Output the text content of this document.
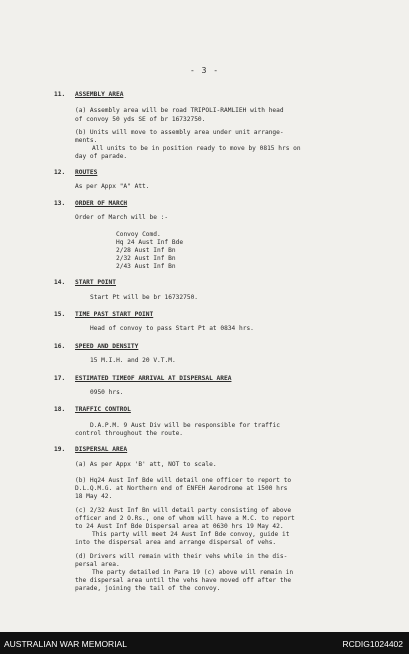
- 3 -
11. ASSEMBLY AREA
(a) Assembly area will be road TRIPOLI-RAMLIEH with head
of convoy 50 yds SE of br 16732750.
(b) Units will move to assembly area under unit arrange-
ments.
All units to be in position ready to move by 0815 hrs on
day of parade.
12. ROUTES
As per Appx "A" Att.
13. ORDER OF MARCH
Order of March will be :-
Convoy Comd.
Hq 24 Aust Inf Bde
2/28 Aust Inf Bn
2/32 Aust Inf Bn
2/43 Aust Inf Bn
14. START POINT
Start Pt will be br 16732750.
15. TIME PAST START POINT
Head of convoy to pass Start Pt at 0834 hrs.
16. SPEED AND DENSITY
15 M.I.H. and 20 V.T.M.
17. ESTIMATED TIMEOF ARRIVAL AT DISPERSAL AREA
0950 hrs.
18. TRAFFIC CONTROL
D.A.P.M. 9 Aust Div will be responsible for traffic
control throughout the route.
19. DISPERSAL AREA
(a) As per Appx 'B' att, NOT to scale.
(b) Hq24 Aust Inf Bde will detail one officer to report to
D.L.Q.M.G. at Northern end of ENFEH Aerodrome at 1500 hrs
18 May 42.
(c) 2/32 Aust Inf Bn will detail party consisting of above
officer and 2 O.Rs., one of whom will have a M.C. to report
to 24 Aust Inf Bde Dispersal area at 0630 hrs 19 May 42.
This party will meet 24 Aust Inf Bde convoy, guide it
into the dispersal area and arrange dispersal of vehs.
(d) Drivers will remain with their vehs while in the dis-
persal area.
The party detailed in Para 19 (c) above will remain in
the dispersal area until the vehs have moved off after the
parade, joining the tail of the convoy.
AUSTRALIAN WAR MEMORIAL	RCDIG1024402
